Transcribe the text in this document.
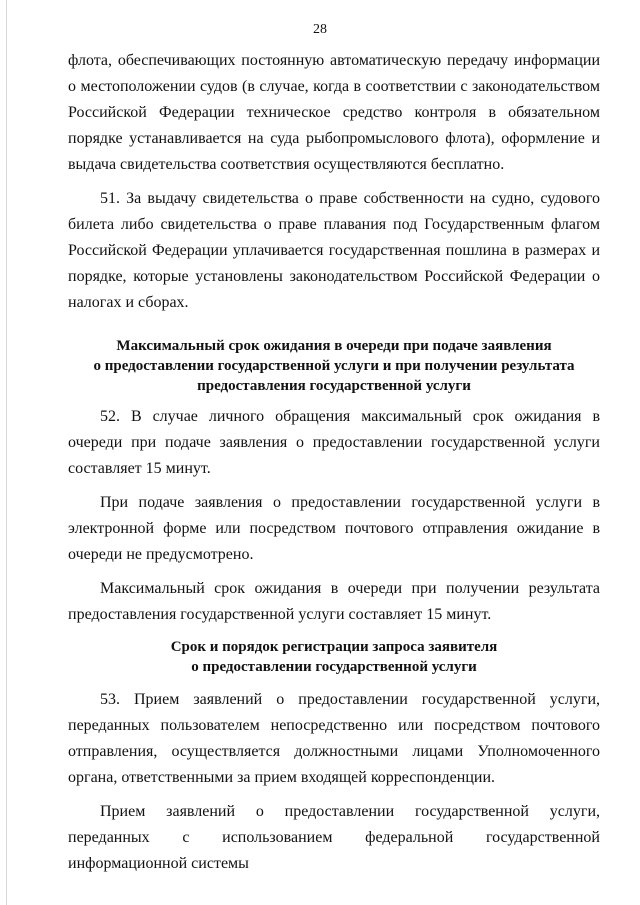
28

флота, обеспечивающих постоянную автоматическую передачу информации о местоположении судов (в случае, когда в соответствии с законодательством Российской Федерации техническое средство контроля в обязательном порядке устанавливается на суда рыбопромыслового флота), оформление и выдача свидетельства соответствия осуществляются бесплатно.

51. За выдачу свидетельства о праве собственности на судно, судового билета либо свидетельства о праве плавания под Государственным флагом Российской Федерации уплачивается государственная пошлина в размерах и порядке, которые установлены законодательством Российской Федерации о налогах и сборах.

Максимальный срок ожидания в очереди при подаче заявления
о предоставлении государственной услуги и при получении результата
предоставления государственной услуги

52. В случае личного обращения максимальный срок ожидания в очереди при подаче заявления о предоставлении государственной услуги составляет 15 минут.

При подаче заявления о предоставлении государственной услуги в электронной форме или посредством почтового отправления ожидание в очереди не предусмотрено.

Максимальный срок ожидания в очереди при получении результата предоставления государственной услуги составляет 15 минут.

Срок и порядок регистрации запроса заявителя
о предоставлении государственной услуги

53. Прием заявлений о предоставлении государственной услуги, переданных пользователем непосредственно или посредством почтового отправления, осуществляется должностными лицами Уполномоченного органа, ответственными за прием входящей корреспонденции.

Прием заявлений о предоставлении государственной услуги, переданных с использованием федеральной государственной информационной системы
